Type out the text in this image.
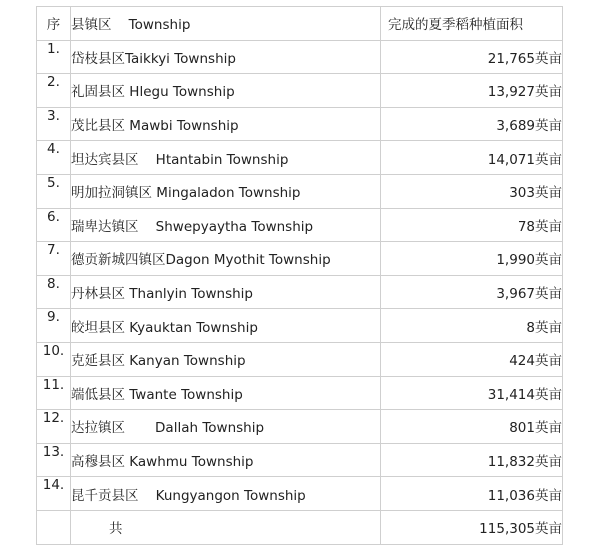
序	县镇区    Township	完成的夏季稻种植面积
1.	岱枝县区Taikkyi Township	21,765英亩
2.	礼固县区 Hlegu Township	13,927英亩
3.	茂比县区 Mawbi Township	3,689英亩
4.	坦达宾县区    Htantabin Township	14,071英亩
5.	明加拉洞镇区 Mingaladon Township	303英亩
6.	瑞卑达镇区    Shwepyaytha Township	78英亩
7.	德贡新城四镇区Dagon Myothit Township	1,990英亩
8.	丹林县区 Thanlyin Township	3,967英亩
9.	皎坦县区 Kyauktan Township	8英亩
10.	克延县区 Kanyan Township	424英亩
11.	端低县区 Twante Township	31,414英亩
12.	达拉镇区       Dallah Township	801英亩
13.	高穆县区 Kawhmu Township	11,832英亩
14.	昆千贡县区    Kungyangon Township	11,036英亩
	共	115,305英亩
